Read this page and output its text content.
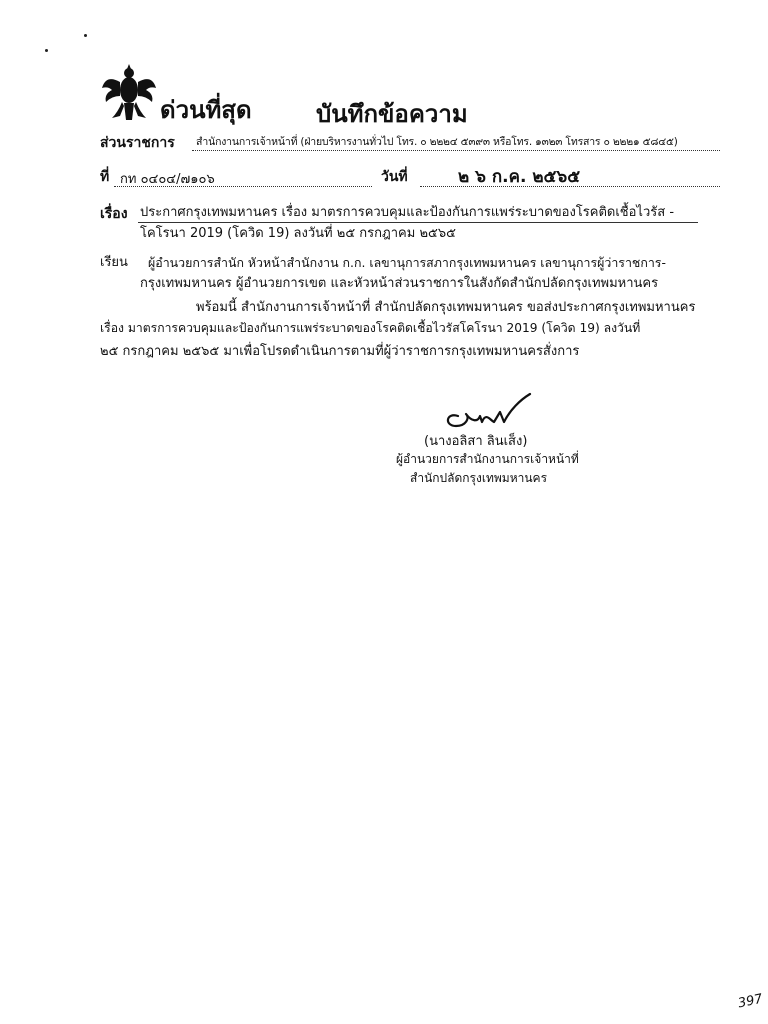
ด่วนที่สุด	บันทึกข้อความ
ส่วนราชการ สำนักงานการเจ้าหน้าที่ (ฝ่ายบริหารงานทั่วไป โทร. ๐ ๒๒๒๔ ๕๓๙๓ หรือโทร. ๑๓๒๓ โทรสาร ๐ ๒๒๒๑ ๕๘๔๕)
ที่ กท ๐๔๐๔/๗๑๐๖	วันที่	๒ ๖ ก.ค. ๒๕๖๕
เรื่อง ประกาศกรุงเทพมหานคร เรื่อง มาตรการควบคุมและป้องกันการแพร่ระบาดของโรคติดเชื้อไวรัส -
โคโรนา 2019 (โควิด 19) ลงวันที่ ๒๕ กรกฎาคม ๒๕๖๕
เรียน ผู้อำนวยการสำนัก หัวหน้าสำนักงาน ก.ก. เลขานุการสภากรุงเทพมหานคร เลขานุการผู้ว่าราชการ-
กรุงเทพมหานคร ผู้อำนวยการเขต และหัวหน้าส่วนราชการในสังกัดสำนักปลัดกรุงเทพมหานคร
พร้อมนี้ สำนักงานการเจ้าหน้าที่ สำนักปลัดกรุงเทพมหานคร ขอส่งประกาศกรุงเทพมหานคร
เรื่อง มาตรการควบคุมและป้องกันการแพร่ระบาดของโรคติดเชื้อไวรัสโคโรนา 2019 (โควิด 19) ลงวันที่
๒๕ กรกฎาคม ๒๕๖๕ มาเพื่อโปรดดำเนินการตามที่ผู้ว่าราชการกรุงเทพมหานครสั่งการ
(นางอลิสา ลินเส็ง)
ผู้อำนวยการสำนักงานการเจ้าหน้าที่
สำนักปลัดกรุงเทพมหานคร
397
